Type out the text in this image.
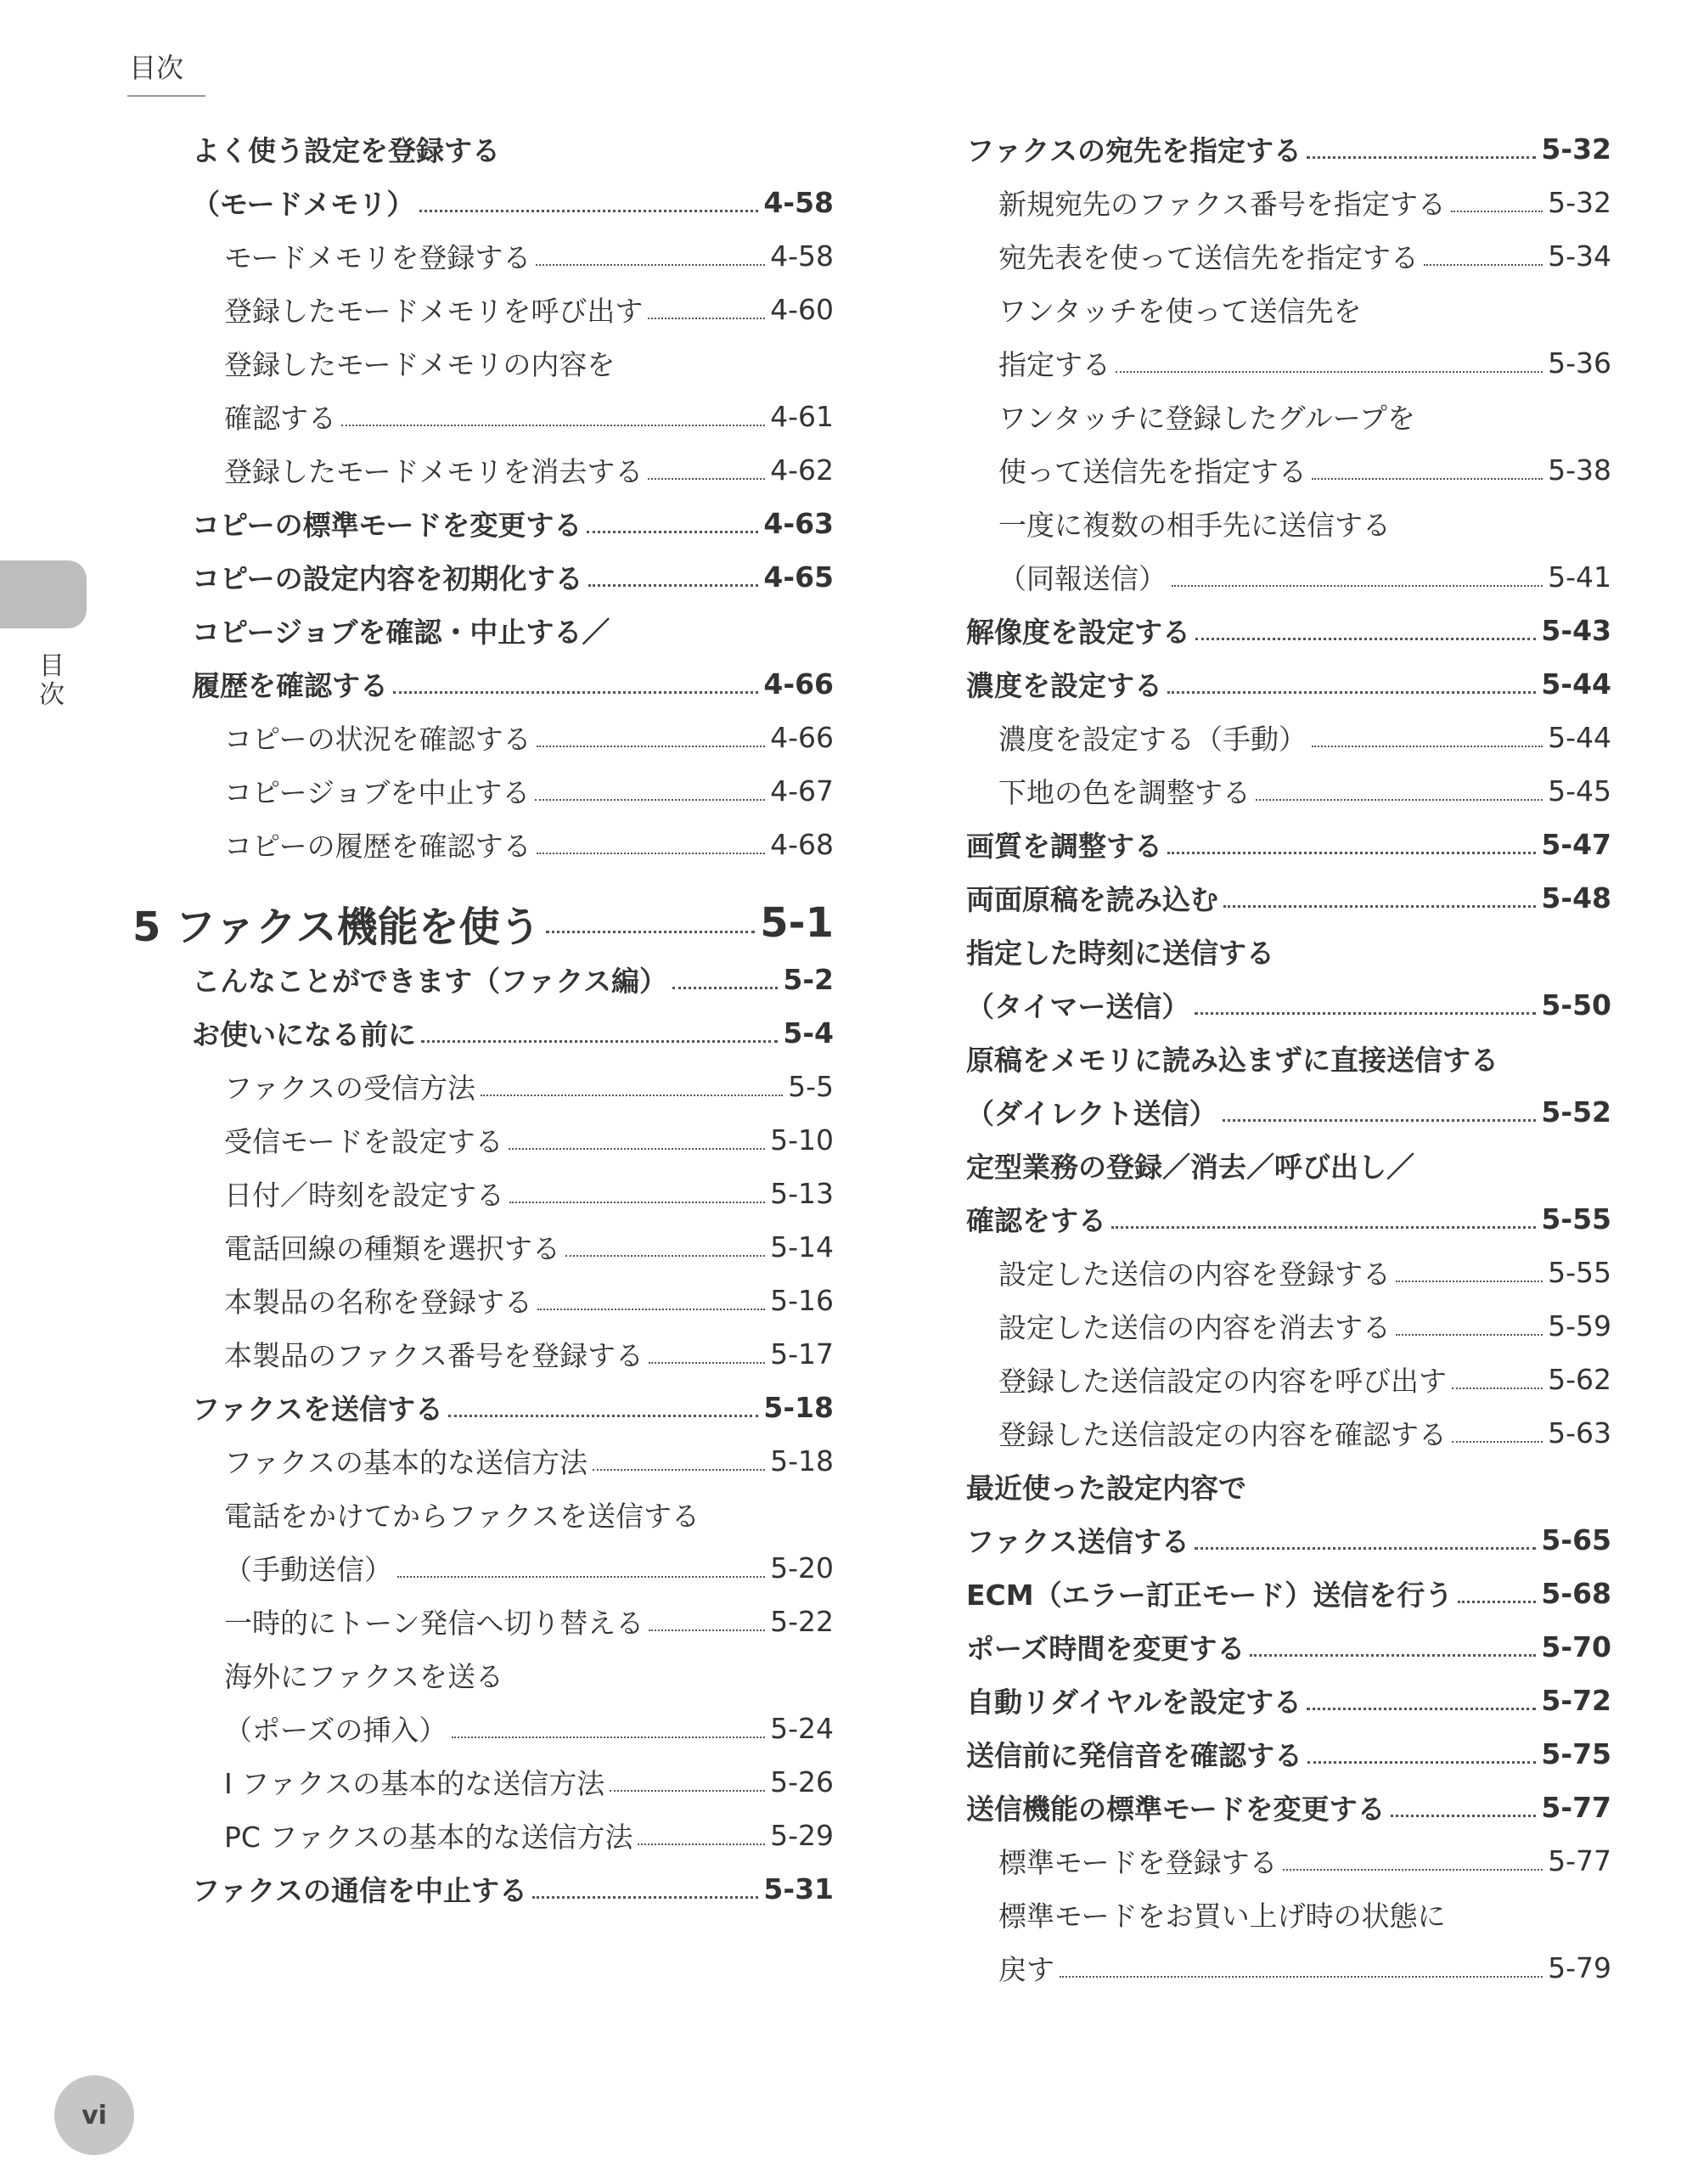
目次
目次
よく使う設定を登録する
（モードメモリ）	4-58
モードメモリを登録する	4-58
登録したモードメモリを呼び出す	4-60
登録したモードメモリの内容を
確認する	4-61
登録したモードメモリを消去する	4-62
コピーの標準モードを変更する	4-63
コピーの設定内容を初期化する	4-65
コピージョブを確認・中止する／
履歴を確認する	4-66
コピーの状況を確認する	4-66
コピージョブを中止する	4-67
コピーの履歴を確認する	4-68
5 ファクス機能を使う	5-1
こんなことができます（ファクス編）	5-2
お使いになる前に	5-4
ファクスの受信方法	5-5
受信モードを設定する	5-10
日付／時刻を設定する	5-13
電話回線の種類を選択する	5-14
本製品の名称を登録する	5-16
本製品のファクス番号を登録する	5-17
ファクスを送信する	5-18
ファクスの基本的な送信方法	5-18
電話をかけてからファクスを送信する
（手動送信）	5-20
一時的にトーン発信へ切り替える	5-22
海外にファクスを送る
（ポーズの挿入）	5-24
I ファクスの基本的な送信方法	5-26
PC ファクスの基本的な送信方法	5-29
ファクスの通信を中止する	5-31
ファクスの宛先を指定する	5-32
新規宛先のファクス番号を指定する	5-32
宛先表を使って送信先を指定する	5-34
ワンタッチを使って送信先を
指定する	5-36
ワンタッチに登録したグループを
使って送信先を指定する	5-38
一度に複数の相手先に送信する
（同報送信）	5-41
解像度を設定する	5-43
濃度を設定する	5-44
濃度を設定する（手動）	5-44
下地の色を調整する	5-45
画質を調整する	5-47
両面原稿を読み込む	5-48
指定した時刻に送信する
（タイマー送信）	5-50
原稿をメモリに読み込まずに直接送信する
（ダイレクト送信）	5-52
定型業務の登録／消去／呼び出し／
確認をする	5-55
設定した送信の内容を登録する	5-55
設定した送信の内容を消去する	5-59
登録した送信設定の内容を呼び出す	5-62
登録した送信設定の内容を確認する	5-63
最近使った設定内容で
ファクス送信する	5-65
ECM（エラー訂正モード）送信を行う	5-68
ポーズ時間を変更する	5-70
自動リダイヤルを設定する	5-72
送信前に発信音を確認する	5-75
送信機能の標準モードを変更する	5-77
標準モードを登録する	5-77
標準モードをお買い上げ時の状態に
戻す	5-79
vi
